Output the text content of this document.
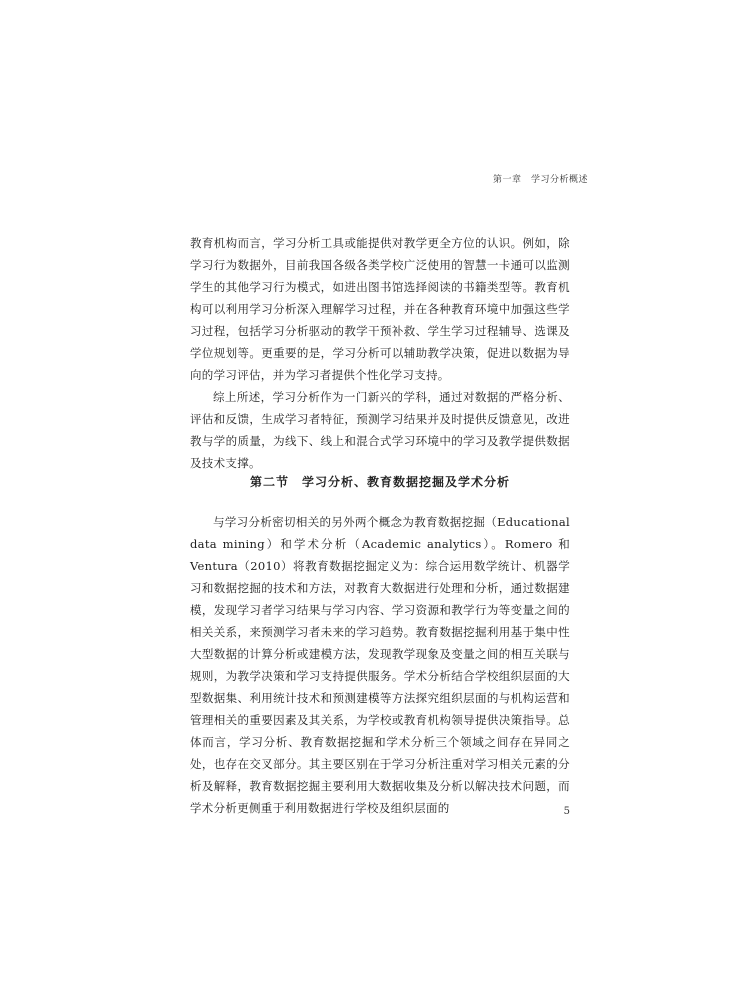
第一章　学习分析概述

教育机构而言，学习分析工具或能提供对教学更全方位的认识。例如，除学习行为数据外，目前我国各级各类学校广泛使用的智慧一卡通可以监测学生的其他学习行为模式，如进出图书馆选择阅读的书籍类型等。教育机构可以利用学习分析深入理解学习过程，并在各种教育环境中加强这些学习过程，包括学习分析驱动的教学干预补救、学生学习过程辅导、选课及学位规划等。更重要的是，学习分析可以辅助教学决策，促进以数据为导向的学习评估，并为学习者提供个性化学习支持。

综上所述，学习分析作为一门新兴的学科，通过对数据的严格分析、评估和反馈，生成学习者特征，预测学习结果并及时提供反馈意见，改进教与学的质量，为线下、线上和混合式学习环境中的学习及教学提供数据及技术支撑。

第二节　学习分析、教育数据挖掘及学术分析

与学习分析密切相关的另外两个概念为教育数据挖掘（Educational data mining）和学术分析（Academic analytics）。Romero 和 Ventura（2010）将教育数据挖掘定义为：综合运用数学统计、机器学习和数据挖掘的技术和方法，对教育大数据进行处理和分析，通过数据建模，发现学习者学习结果与学习内容、学习资源和教学行为等变量之间的相关关系，来预测学习者未来的学习趋势。教育数据挖掘利用基于集中性大型数据的计算分析或建模方法，发现教学现象及变量之间的相互关联与规则，为教学决策和学习支持提供服务。学术分析结合学校组织层面的大型数据集、利用统计技术和预测建模等方法探究组织层面的与机构运营和管理相关的重要因素及其关系，为学校或教育机构领导提供决策指导。总体而言，学习分析、教育数据挖掘和学术分析三个领域之间存在异同之处，也存在交叉部分。其主要区别在于学习分析注重对学习相关元素的分析及解释，教育数据挖掘主要利用大数据收集及分析以解决技术问题，而学术分析更侧重于利用数据进行学校及组织层面的	5
